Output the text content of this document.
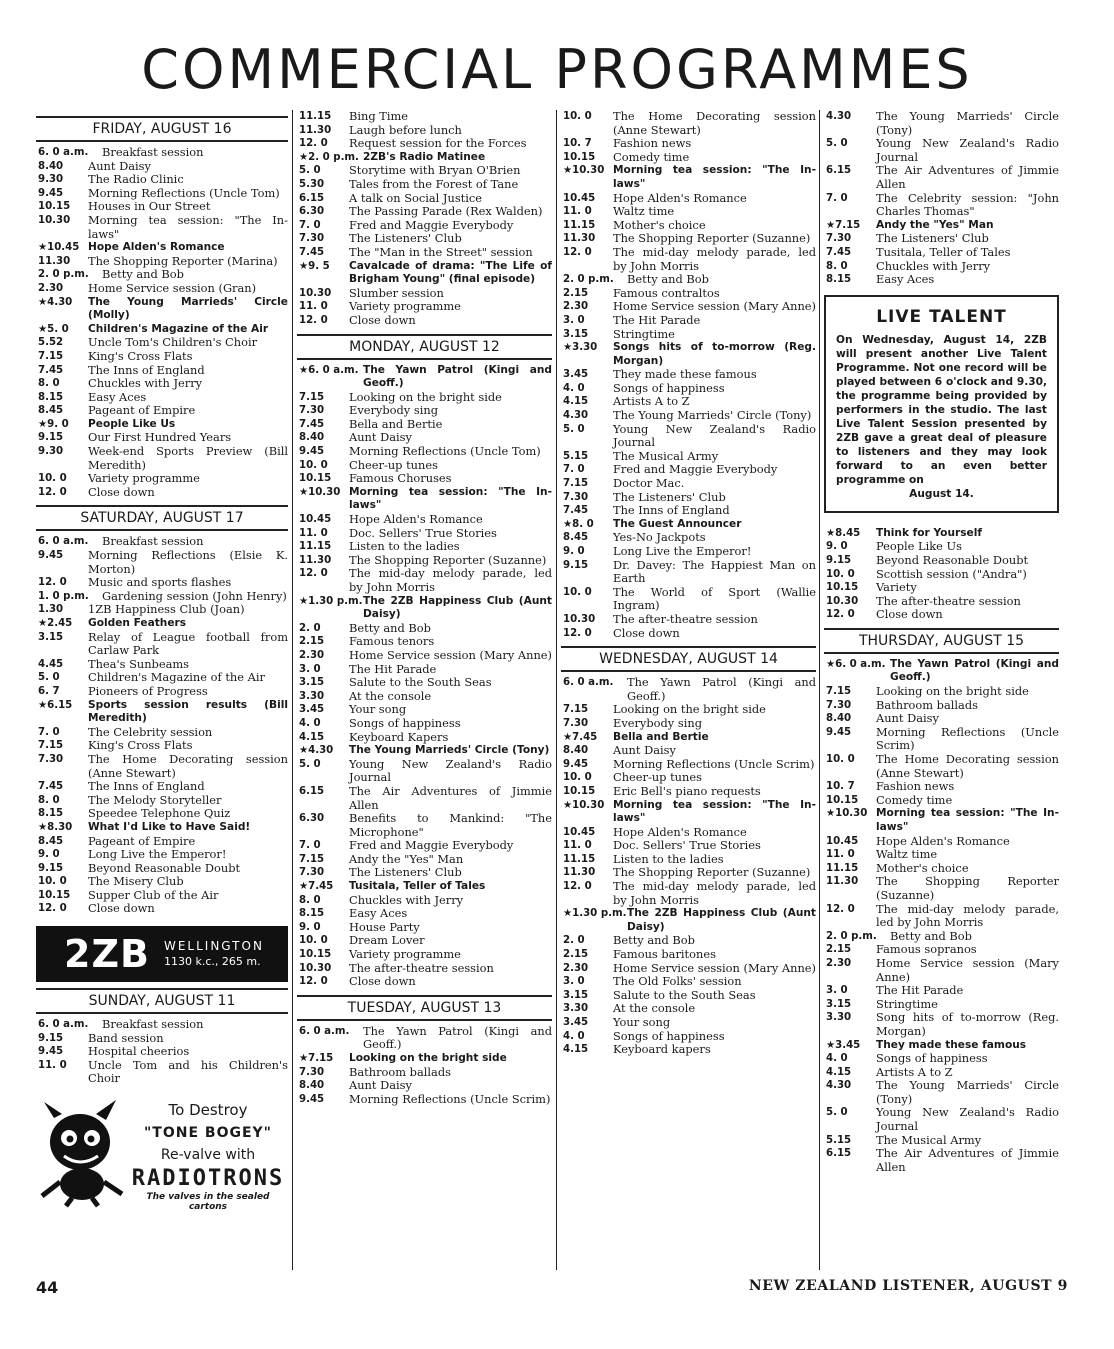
COMMERCIAL PROGRAMMES
FRIDAY, AUGUST 16
6. 0 a.m.	Breakfast session
8.40	Aunt Daisy
9.30	The Radio Clinic
9.45	Morning Reflections (Uncle Tom)
10.15	Houses in Our Street
10.30	Morning tea session: "The In-laws"
★10.45 Hope Alden's Romance
11.30	The Shopping Reporter (Marina)
2. 0 p.m.	Betty and Bob
2.30	Home Service session (Gran)
★4.30	The Young Marrieds' Circle (Molly)
★5. 0	Children's Magazine of the Air
5.52	Uncle Tom's Children's Choir
7.15	King's Cross Flats
7.45	The Inns of England
8. 0	Chuckles with Jerry
8.15	Easy Aces
8.45	Pageant of Empire
★9. 0	People Like Us
9.15	Our First Hundred Years
9.30	Week-end Sports Preview (Bill Meredith)
10. 0	Variety programme
12. 0	Close down
SATURDAY, AUGUST 17
6. 0 a.m.	Breakfast session
9.45	Morning Reflections (Elsie K. Morton)
12. 0	Music and sports flashes
1. 0 p.m.	Gardening session (John Henry)
1.30	1ZB Happiness Club (Joan)
★2.45	Golden Feathers
3.15	Relay of League football from Carlaw Park
4.45	Thea's Sunbeams
5. 0	Children's Magazine of the Air
6. 7	Pioneers of Progress
★6.15	Sports session results (Bill Meredith)
7. 0	The Celebrity session
7.15	King's Cross Flats
7.30	The Home Decorating session (Anne Stewart)
7.45	The Inns of England
8. 0	The Melody Storyteller
8.15	Speedee Telephone Quiz
★8.30	What I'd Like to Have Said!
8.45	Pageant of Empire
9. 0	Long Live the Emperor!
9.15	Beyond Reasonable Doubt
10. 0	The Misery Club
10.15	Supper Club of the Air
12. 0	Close down
2ZB WELLINGTON
1130 k.c., 265 m.
SUNDAY, AUGUST 11
6. 0 a.m.	Breakfast session
9.15	Band session
9.45	Hospital cheerios
11. 0	Uncle Tom and his Children's Choir
To Destroy
"TONE BOGEY"
Re-valve with
RADIOTRONS
The valves in the sealed cartons
11.15	Bing Time
11.30	Laugh before lunch
12. 0	Request session for the Forces
★2. 0 p.m. 2ZB's Radio Matinee
5. 0	Storytime with Bryan O'Brien
5.30	Tales from the Forest of Tane
6.15	A talk on Social Justice
6.30	The Passing Parade (Rex Walden)
7. 0	Fred and Maggie Everybody
7.30	The Listeners' Club
7.45	The "Man in the Street" session
★9. 5	Cavalcade of drama: "The Life of Brigham Young" (final episode)
10.30	Slumber session
11. 0	Variety programme
12. 0	Close down
MONDAY, AUGUST 12
★6. 0 a.m. The Yawn Patrol (Kingi and Geoff.)
7.15	Looking on the bright side
7.30	Everybody sing
7.45	Bella and Bertie
8.40	Aunt Daisy
9.45	Morning Reflections (Uncle Tom)
10. 0	Cheer-up tunes
10.15	Famous Choruses
★10.30 Morning tea session: "The In-laws"
10.45	Hope Alden's Romance
11. 0	Doc. Sellers' True Stories
11.15	Listen to the ladies
11.30	The Shopping Reporter (Suzanne)
12. 0	The mid-day melody parade, led by John Morris
★1.30 p.m. The 2ZB Happiness Club (Aunt Daisy)
2. 0	Betty and Bob
2.15	Famous tenors
2.30	Home Service session (Mary Anne)
3. 0	The Hit Parade
3.15	Salute to the South Seas
3.30	At the console
3.45	Your song
4. 0	Songs of happiness
4.15	Keyboard Kapers
★4.30	The Young Marrieds' Circle (Tony)
5. 0	Young New Zealand's Radio Journal
6.15	The Air Adventures of Jimmie Allen
6.30	Benefits to Mankind: "The Microphone"
7. 0	Fred and Maggie Everybody
7.15	Andy the "Yes" Man
7.30	The Listeners' Club
★7.45	Tusitala, Teller of Tales
8. 0	Chuckles with Jerry
8.15	Easy Aces
9. 0	House Party
10. 0	Dream Lover
10.15	Variety programme
10.30	The after-theatre session
12. 0	Close down
TUESDAY, AUGUST 13
6. 0 a.m.	The Yawn Patrol (Kingi and Geoff.)
★7.15	Looking on the bright side
7.30	Bathroom ballads
8.40	Aunt Daisy
9.45	Morning Reflections (Uncle Scrim)
10. 0	The Home Decorating session (Anne Stewart)
10. 7	Fashion news
10.15	Comedy time
★10.30 Morning tea session: "The In-laws"
10.45	Hope Alden's Romance
11. 0	Waltz time
11.15	Mother's choice
11.30	The Shopping Reporter (Suzanne)
12. 0	The mid-day melody parade, led by John Morris
2. 0 p.m.	Betty and Bob
2.15	Famous contraltos
2.30	Home Service session (Mary Anne)
3. 0	The Hit Parade
3.15	Stringtime
★3.30	Songs hits of to-morrow (Reg. Morgan)
3.45	They made these famous
4. 0	Songs of happiness
4.15	Artists A to Z
4.30	The Young Marrieds' Circle (Tony)
5. 0	Young New Zealand's Radio Journal
5.15	The Musical Army
7. 0	Fred and Maggie Everybody
7.15	Doctor Mac.
7.30	The Listeners' Club
7.45	The Inns of England
★8. 0	The Guest Announcer
8.45	Yes-No Jackpots
9. 0	Long Live the Emperor!
9.15	Dr. Davey: The Happiest Man on Earth
10. 0	The World of Sport (Wallie Ingram)
10.30	The after-theatre session
12. 0	Close down
WEDNESDAY, AUGUST 14
6. 0 a.m.	The Yawn Patrol (Kingi and Geoff.)
7.15	Looking on the bright side
7.30	Everybody sing
★7.45	Bella and Bertie
8.40	Aunt Daisy
9.45	Morning Reflections (Uncle Scrim)
10. 0	Cheer-up tunes
10.15	Eric Bell's piano requests
★10.30 Morning tea session: "The In-laws"
10.45	Hope Alden's Romance
11. 0	Doc. Sellers' True Stories
11.15	Listen to the ladies
11.30	The Shopping Reporter (Suzanne)
12. 0	The mid-day melody parade, led by John Morris
★1.30 p.m. The 2ZB Happiness Club (Aunt Daisy)
2. 0	Betty and Bob
2.15	Famous baritones
2.30	Home Service session (Mary Anne)
3. 0	The Old Folks' session
3.15	Salute to the South Seas
3.30	At the console
3.45	Your song
4. 0	Songs of happiness
4.15	Keyboard kapers
4.30	The Young Marrieds' Circle (Tony)
5. 0	Young New Zealand's Radio Journal
6.15	The Air Adventures of Jimmie Allen
7. 0	The Celebrity session: "John Charles Thomas"
★7.15	Andy the "Yes" Man
7.30	The Listeners' Club
7.45	Tusitala, Teller of Tales
8. 0	Chuckles with Jerry
8.15	Easy Aces
LIVE TALENT
On Wednesday, August 14, 2ZB will present another Live Talent Programme. Not one record will be played between 6 o'clock and 9.30, the programme being provided by performers in the studio. The last Live Talent Session presented by 2ZB gave a great deal of pleasure to listeners and they may look forward to an even better programme on
August 14.
★8.45	Think for Yourself
9. 0	People Like Us
9.15	Beyond Reasonable Doubt
10. 0	Scottish session ("Andra")
10.15	Variety
10.30	The after-theatre session
12. 0	Close down
THURSDAY, AUGUST 15
★6. 0 a.m. The Yawn Patrol (Kingi and Geoff.)
7.15	Looking on the bright side
7.30	Bathroom ballads
8.40	Aunt Daisy
9.45	Morning Reflections (Uncle Scrim)
10. 0	The Home Decorating session (Anne Stewart)
10. 7	Fashion news
10.15	Comedy time
★10.30 Morning tea session: "The In-laws"
10.45	Hope Alden's Romance
11. 0	Waltz time
11.15	Mother's choice
11.30	The Shopping Reporter (Suzanne)
12. 0	The mid-day melody parade, led by John Morris
2. 0 p.m.	Betty and Bob
2.15	Famous sopranos
2.30	Home Service session (Mary Anne)
3. 0	The Hit Parade
3.15	Stringtime
3.30	Song hits of to-morrow (Reg. Morgan)
★3.45	They made these famous
4. 0	Songs of happiness
4.15	Artists A to Z
4.30	The Young Marrieds' Circle (Tony)
5. 0	Young New Zealand's Radio Journal
5.15	The Musical Army
6.15	The Air Adventures of Jimmie Allen
44	NEW ZEALAND LISTENER, AUGUST 9
